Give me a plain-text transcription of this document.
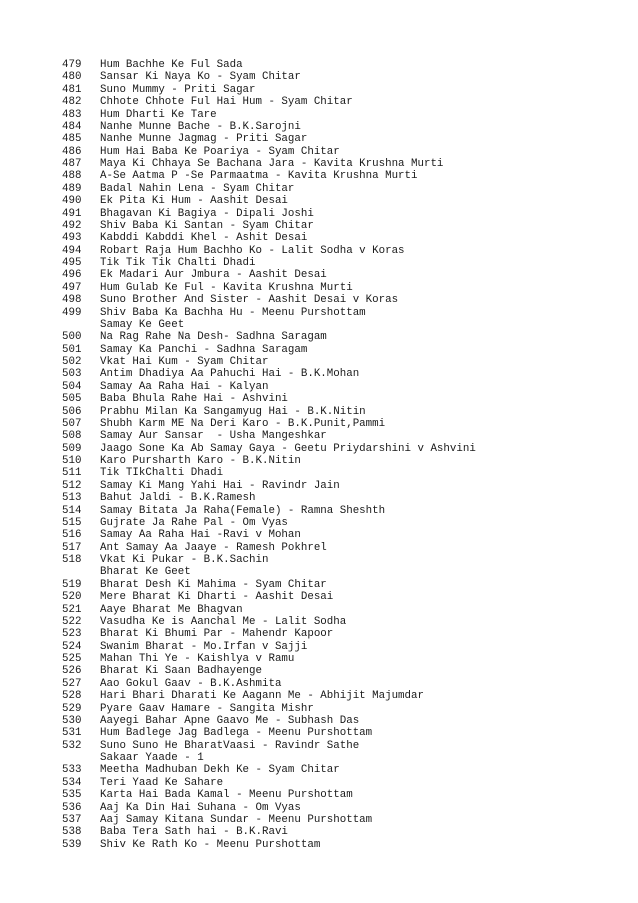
479	Hum Bachhe Ke Ful Sada
480	Sansar Ki Naya Ko - Syam Chitar
481	Suno Mummy - Priti Sagar
482	Chhote Chhote Ful Hai Hum - Syam Chitar
483	Hum Dharti Ke Tare
484	Nanhe Munne Bache - B.K.Sarojni
485	Nanhe Munne Jagmag - Priti Sagar
486	Hum Hai Baba Ke Poariya - Syam Chitar
487	Maya Ki Chhaya Se Bachana Jara - Kavita Krushna Murti
488	A-Se Aatma P -Se Parmaatma - Kavita Krushna Murti
489	Badal Nahin Lena - Syam Chitar
490	Ek Pita Ki Hum - Aashit Desai
491	Bhagavan Ki Bagiya - Dipali Joshi
492	Shiv Baba Ki Santan - Syam Chitar
493	Kabddi Kabddi Khel - Ashit Desai
494	Robart Raja Hum Bachho Ko - Lalit Sodha v Koras
495	Tik Tik Tik Chalti Dhadi
496	Ek Madari Aur Jmbura - Aashit Desai
497	Hum Gulab Ke Ful - Kavita Krushna Murti
498	Suno Brother And Sister - Aashit Desai v Koras
499	Shiv Baba Ka Bachha Hu - Meenu Purshottam
Samay Ke Geet
500	Na Rag Rahe Na Desh- Sadhna Saragam
501	Samay Ka Panchi - Sadhna Saragam
502	Vkat Hai Kum - Syam Chitar
503	Antim Dhadiya Aa Pahuchi Hai - B.K.Mohan
504	Samay Aa Raha Hai - Kalyan
505	Baba Bhula Rahe Hai - Ashvini
506	Prabhu Milan Ka Sangamyug Hai - B.K.Nitin
507	Shubh Karm ME Na Deri Karo - B.K.Punit,Pammi
508	Samay Aur Sansar  - Usha Mangeshkar
509	Jaago Sone Ka Ab Samay Gaya - Geetu Priydarshini v Ashvini
510	Karo Pursharth Karo - B.K.Nitin
511	Tik TIkChalti Dhadi
512	Samay Ki Mang Yahi Hai - Ravindr Jain
513	Bahut Jaldi - B.K.Ramesh
514	Samay Bitata Ja Raha(Female) - Ramna Sheshth
515	Gujrate Ja Rahe Pal - Om Vyas
516	Samay Aa Raha Hai -Ravi v Mohan
517	Ant Samay Aa Jaaye - Ramesh Pokhrel
518	Vkat Ki Pukar - B.K.Sachin
Bharat Ke Geet
519	Bharat Desh Ki Mahima - Syam Chitar
520	Mere Bharat Ki Dharti - Aashit Desai
521	Aaye Bharat Me Bhagvan
522	Vasudha Ke is Aanchal Me - Lalit Sodha
523	Bharat Ki Bhumi Par - Mahendr Kapoor
524	Swanim Bharat - Mo.Irfan v Sajji
525	Mahan Thi Ye - Kaishlya v Ramu
526	Bharat Ki Saan Badhayenge
527	Aao Gokul Gaav - B.K.Ashmita
528	Hari Bhari Dharati Ke Aagann Me - Abhijit Majumdar
529	Pyare Gaav Hamare - Sangita Mishr
530	Aayegi Bahar Apne Gaavo Me - Subhash Das
531	Hum Badlege Jag Badlega - Meenu Purshottam
532	Suno Suno He BharatVaasi - Ravindr Sathe
Sakaar Yaade - 1
533	Meetha Madhuban Dekh Ke - Syam Chitar
534	Teri Yaad Ke Sahare
535	Karta Hai Bada Kamal - Meenu Purshottam
536	Aaj Ka Din Hai Suhana - Om Vyas
537	Aaj Samay Kitana Sundar - Meenu Purshottam
538	Baba Tera Sath hai - B.K.Ravi
539	Shiv Ke Rath Ko - Meenu Purshottam
